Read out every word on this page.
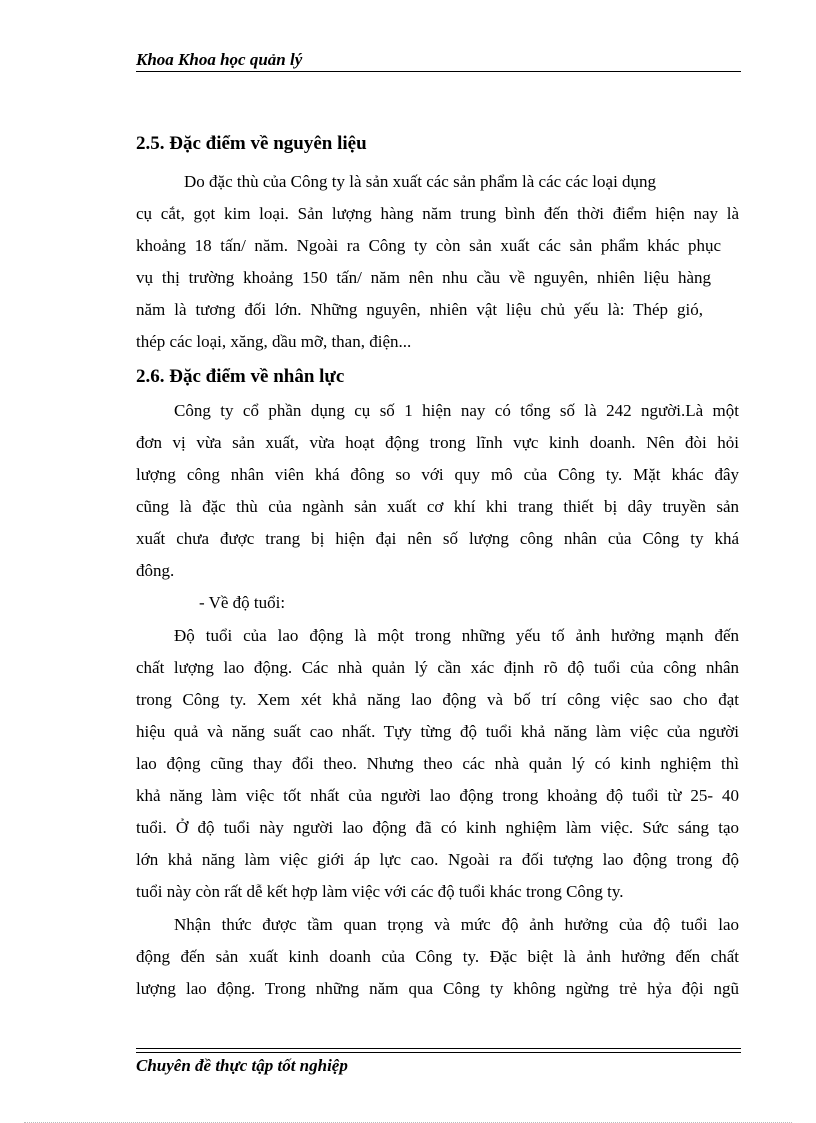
Khoa Khoa học quản lý
2.5. Đặc điểm về nguyên liệu
Do đặc thù của Công ty là sản xuất các sản phẩm là các các loại dụng
cụ cắt, gọt kim loại. Sản lượng hàng năm trung bình đến thời điểm hiện nay là
khoảng 18 tấn/ năm. Ngoài ra Công ty còn sản xuất các sản phẩm khác phục
vụ thị trường khoảng 150 tấn/ năm nên nhu cầu về nguyên, nhiên liệu hàng
năm là tương đối lớn. Những nguyên, nhiên vật liệu chủ yếu là: Thép gió,
thép các loại, xăng, dầu mỡ, than, điện...
2.6. Đặc điểm về nhân lực
Công ty cổ phần dụng cụ số 1 hiện nay có tổng số là 242 người.Là một
đơn vị vừa sản xuất, vừa hoạt động trong lĩnh vực kinh doanh. Nên đòi hỏi
lượng công nhân viên khá đông so với quy mô của Công ty. Mặt khác đây
cũng là đặc thù của ngành sản xuất cơ khí khi trang thiết bị dây truyền sản
xuất chưa được trang bị hiện đại nên số lượng công nhân của Công ty khá
đông.
- Về độ tuổi:
Độ tuổi của lao động là một trong những yếu tố ảnh hưởng mạnh đến
chất lượng lao động. Các nhà quản lý cần xác định rõ độ tuổi của công nhân
trong Công ty. Xem xét khả năng lao động và bố trí công việc sao cho đạt
hiệu quả và năng suất cao nhất. Tựy từng độ tuổi khả năng làm việc của người
lao động cũng thay đổi theo. Nhưng theo các nhà quản lý có kinh nghiệm thì
khả năng làm việc tốt nhất của người lao động trong khoảng độ tuổi từ 25- 40
tuổi. Ở độ tuổi này người lao động đã có kinh nghiệm làm việc. Sức sáng tạo
lớn khả năng làm việc giới áp lực cao. Ngoài ra đối tượng lao động trong độ
tuổi này còn rất dễ kết hợp làm việc với các độ tuổi khác trong Công ty.
Nhận thức được tầm quan trọng và mức độ ảnh hưởng của độ tuổi lao
động đến sản xuất kinh doanh của Công ty. Đặc biệt là ảnh hưởng đến chất
lượng lao động. Trong những năm qua Công ty không ngừng trẻ hỷa đội ngũ
Chuyên đề thực tập tốt nghiệp
